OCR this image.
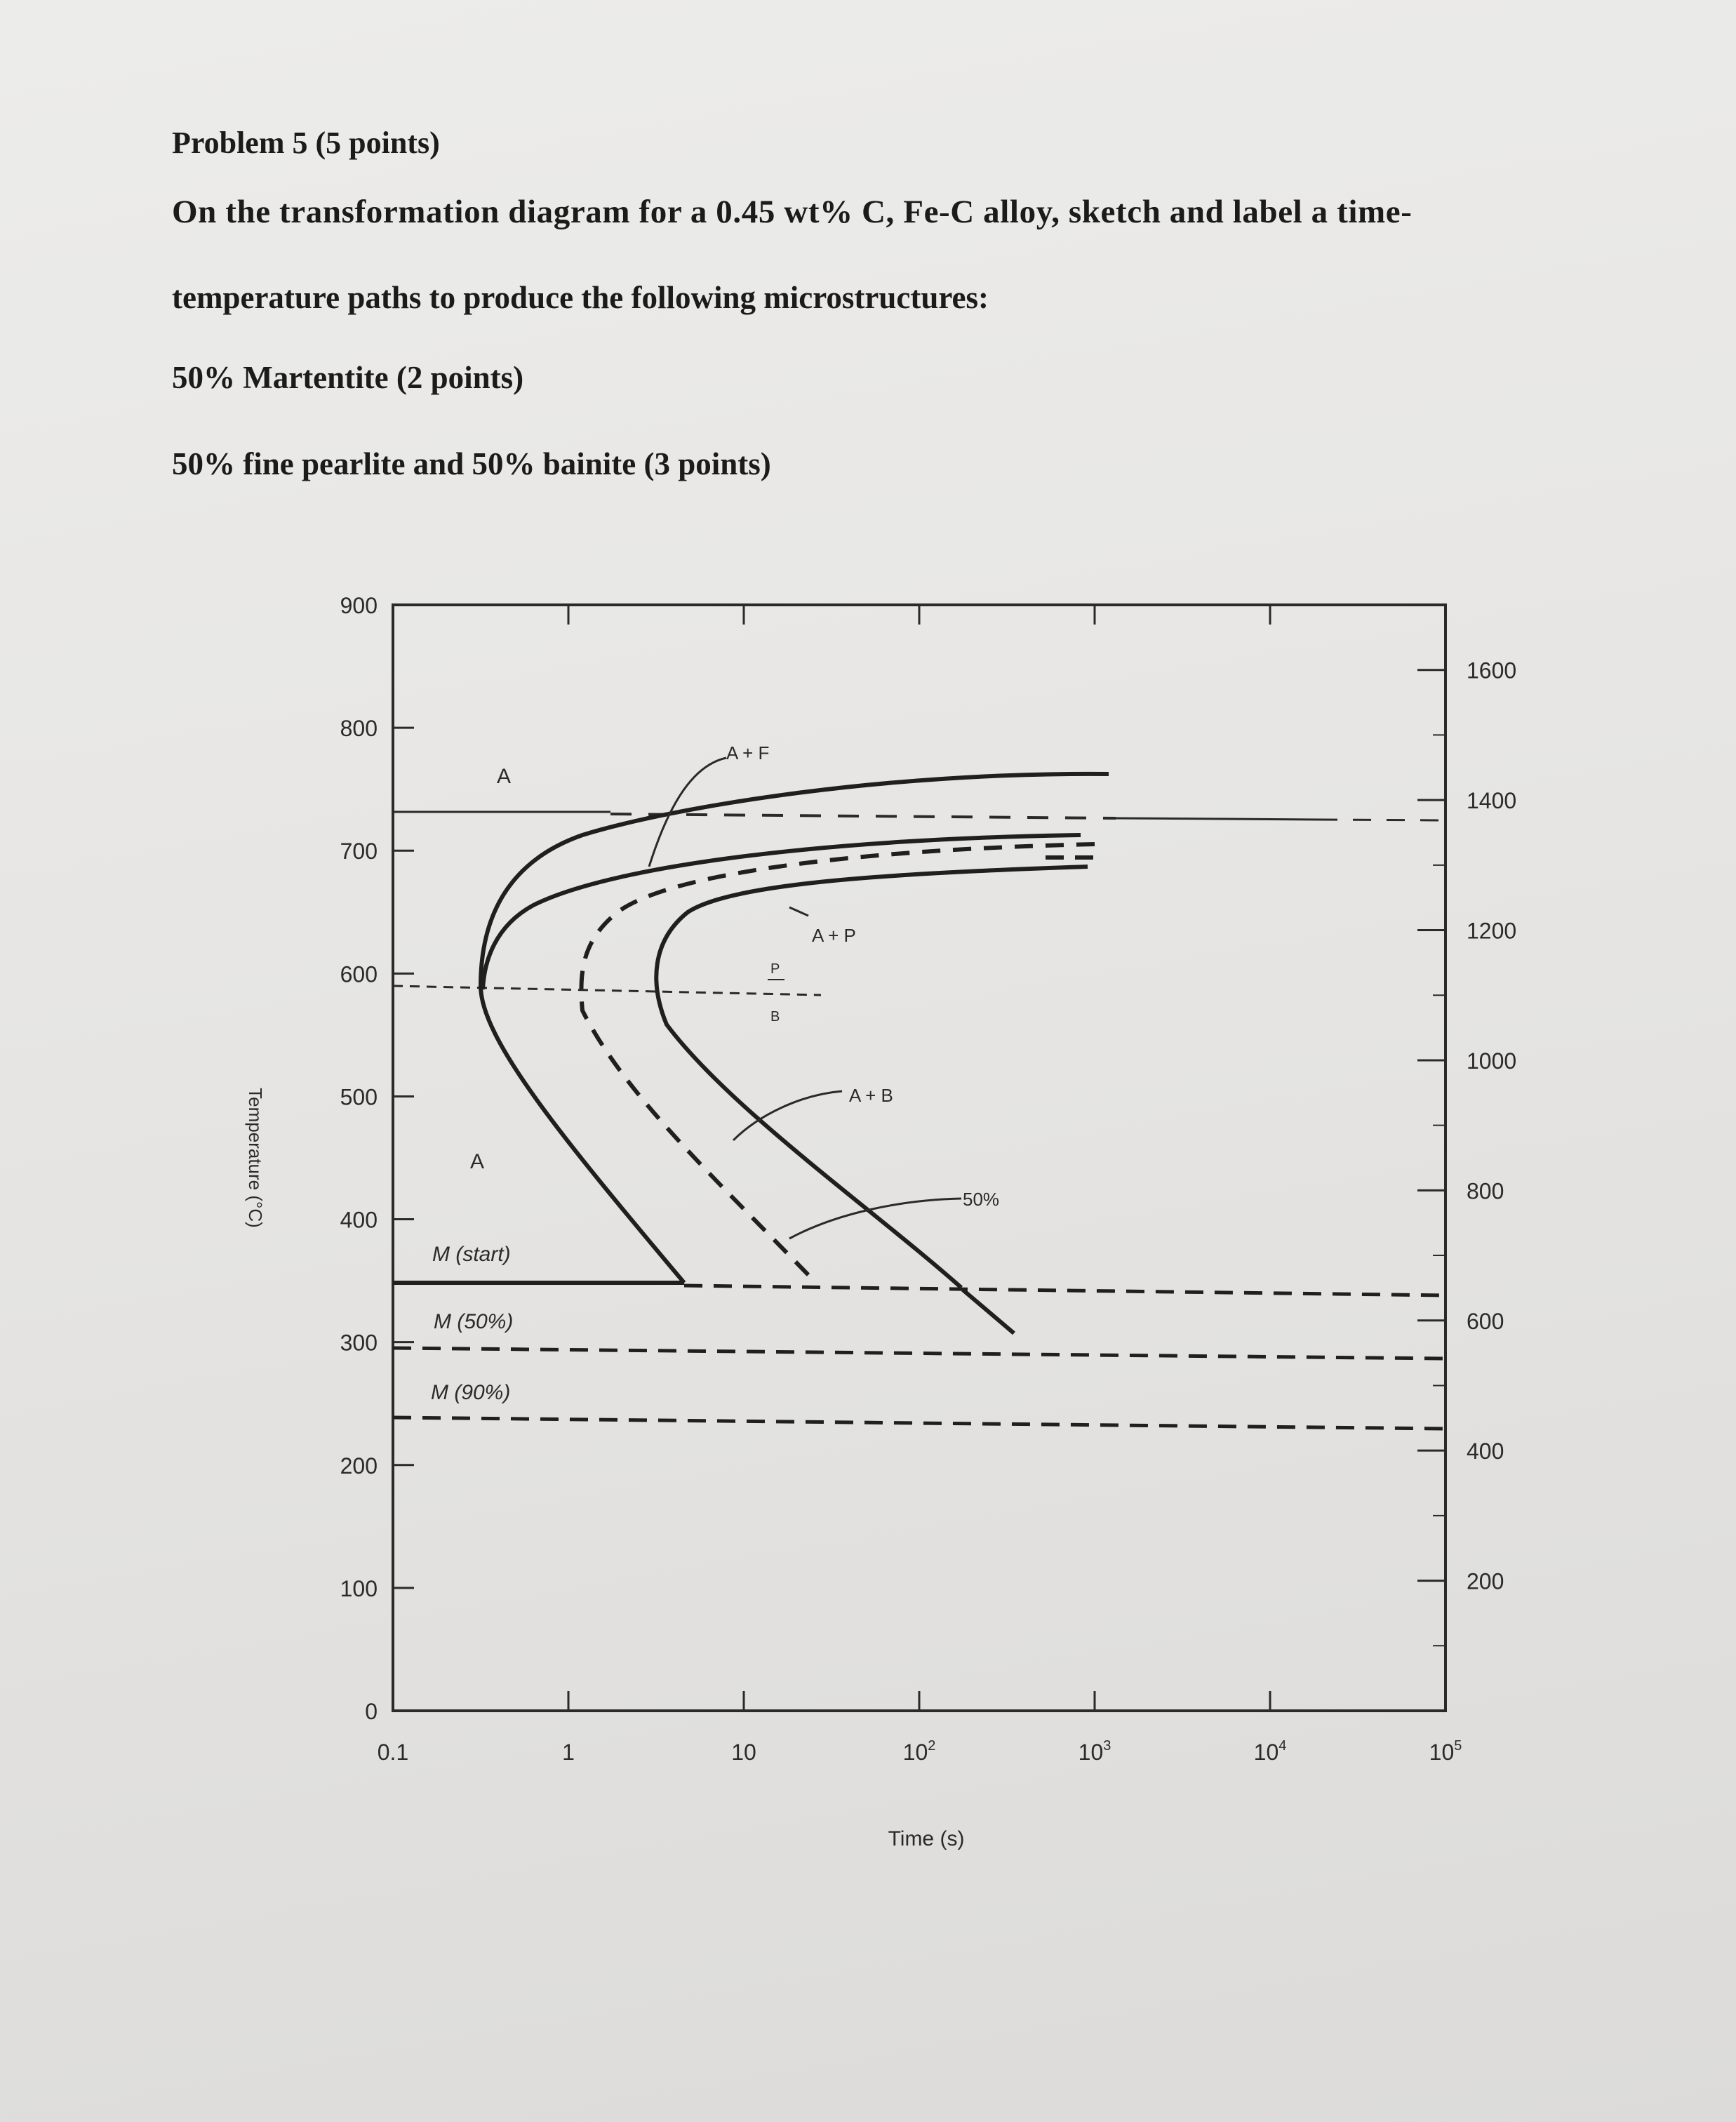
Problem 5 (5 points)

On the transformation diagram for a 0.45 wt% C, Fe-C alloy, sketch and label a time-

temperature paths to produce the following microstructures:

50% Martentite (2 points)

50% fine pearlite and 50% bainite (3 points)

A
A
A + F
A + P
P
B
A + B
50%
M (start)
M (50%)
M (90%)
Time (s)
Temperature (°C)
900
800
700
600
500
400
300
200
100
0
1600
1400
1200
1000
800
600
400
200
0.1	1	10	$10^2$	$10^3$	$10^4$	$10^5$
